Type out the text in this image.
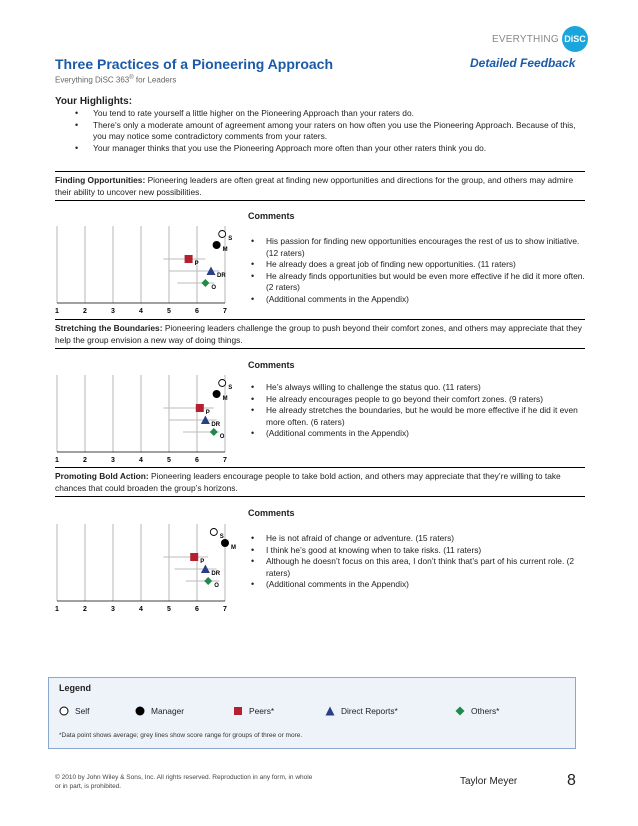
EVERYTHING DiSC
Three Practices of a Pioneering Approach	Detailed Feedback
Everything DiSC 363® for Leaders
Your Highlights:
• You tend to rate yourself a little higher on the Pioneering Approach than your raters do.
• There’s only a moderate amount of agreement among your raters on how often you use the Pioneering Approach. Because of this, you may notice some contradictory comments from your raters.
• Your manager thinks that you use the Pioneering Approach more often than your other raters think you do.
Finding Opportunities: Pioneering leaders are often great at finding new opportunities and directions for the group, and others may admire their ability to uncover new possibilities.
1	2	3	4	5	6	7
S
M
P
DR
O
Comments
• His passion for finding new opportunities encourages the rest of us to show initiative. (12 raters)
• He already does a great job of finding new opportunities. (11 raters)
• He already finds opportunities but would be even more effective if he did it more often. (2 raters)
• (Additional comments in the Appendix)
Stretching the Boundaries: Pioneering leaders challenge the group to push beyond their comfort zones, and others may appreciate that they help the group envision a new way of doing things.
1	2	3	4	5	6	7
S
M
P
DR
O
Comments
• He’s always willing to challenge the status quo. (11 raters)
• He already encourages people to go beyond their comfort zones. (9 raters)
• He already stretches the boundaries, but he would be more effective if he did it even more often. (6 raters)
• (Additional comments in the Appendix)
Promoting Bold Action: Pioneering leaders encourage people to take bold action, and others may appreciate that they’re willing to take chances that could broaden the group’s horizons.
1	2	3	4	5	6	7
S
M
P
DR
O
Comments
• He is not afraid of change or adventure. (15 raters)
• I think he’s good at knowing when to take risks. (11 raters)
• Although he doesn’t focus on this area, I don’t think that’s part of his current role. (2 raters)
• (Additional comments in the Appendix)
Legend
Self	Manager	Peers*	Direct Reports*	Others*
*Data point shows average; grey lines show score range for groups of three or more.
© 2010 by John Wiley & Sons, Inc. All rights reserved. Reproduction in any form, in whole or in part, is prohibited.	Taylor Meyer	8
